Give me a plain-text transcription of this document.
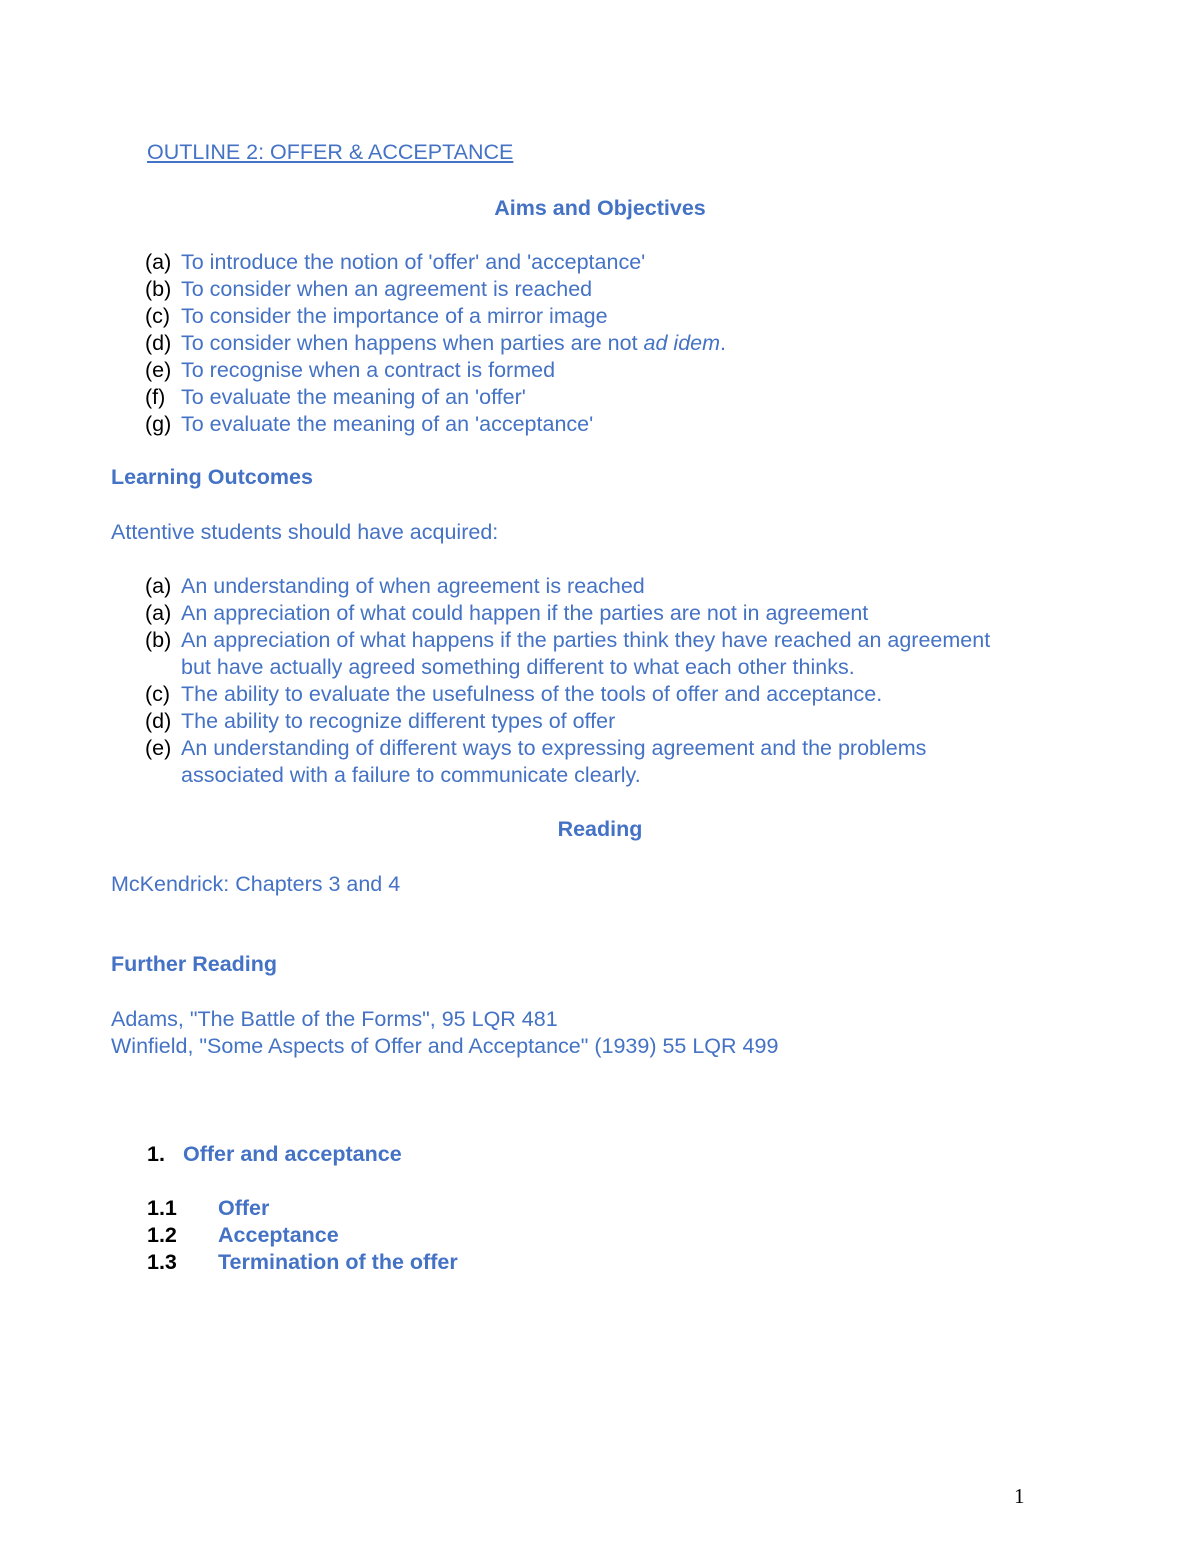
OUTLINE 2: OFFER & ACCEPTANCE
Aims and Objectives
(a) To introduce the notion of 'offer' and 'acceptance'
(b) To consider when an agreement is reached
(c) To consider the importance of a mirror image
(d) To consider when happens when parties are not ad idem.
(e) To recognise when a contract is formed
(f) To evaluate the meaning of an 'offer'
(g) To evaluate the meaning of an 'acceptance'
Learning Outcomes
Attentive students should have acquired:
(a) An understanding of when agreement is reached
(a) An appreciation of what could happen if the parties are not in agreement
(b) An appreciation of what happens if the parties think they have reached an agreement
but have actually agreed something different to what each other thinks.
(c) The ability to evaluate the usefulness of the tools of offer and acceptance.
(d) The ability to recognize different types of offer
(e) An understanding of different ways to expressing agreement and the problems
associated with a failure to communicate clearly.
Reading
McKendrick: Chapters 3 and 4
Further Reading
Adams, "The Battle of the Forms", 95 LQR 481
Winfield, "Some Aspects of Offer and Acceptance" (1939) 55 LQR 499
1. Offer and acceptance
1.1 Offer
1.2 Acceptance
1.3 Termination of the offer
1
